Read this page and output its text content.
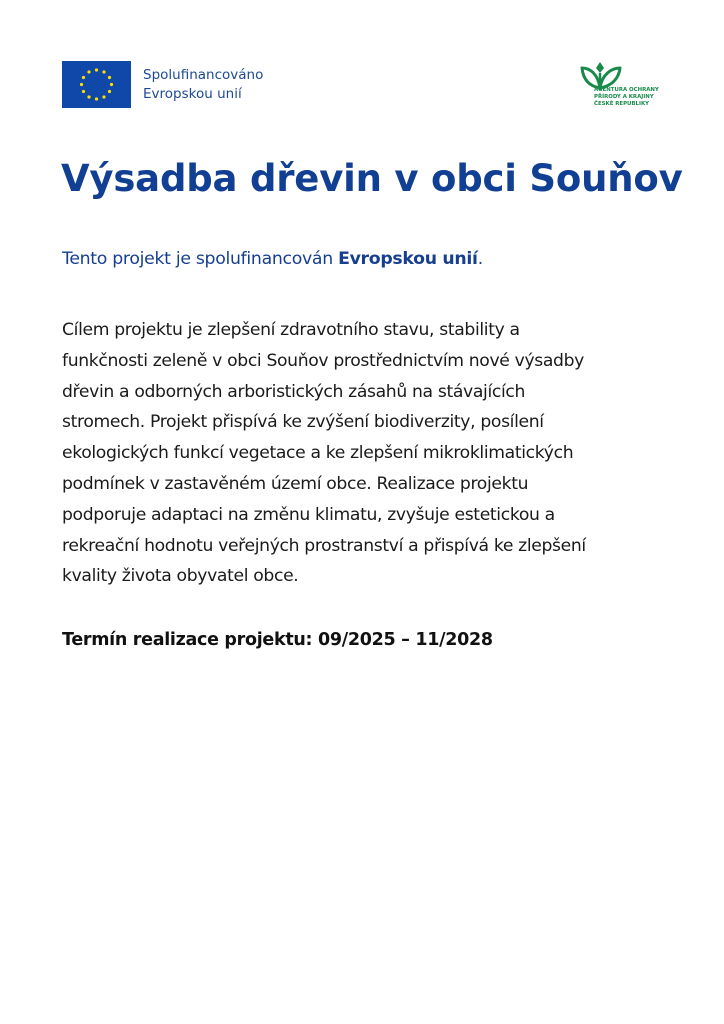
Spolufinancováno
Evropskou unií	AGENTURA OCHRANY
PŘÍRODY A KRAJINY
ČESKÉ REPUBLIKY
Výsadba dřevin v obci Souňov
Tento projekt je spolufinancován Evropskou unií.
Cílem projektu je zlepšení zdravotního stavu, stability a
funkčnosti zeleně v obci Souňov prostřednictvím nové výsadby
dřevin a odborných arboristických zásahů na stávajících
stromech. Projekt přispívá ke zvýšení biodiverzity, posílení
ekologických funkcí vegetace a ke zlepšení mikroklimatických
podmínek v zastavěném území obce. Realizace projektu
podporuje adaptaci na změnu klimatu, zvyšuje estetickou a
rekreační hodnotu veřejných prostranství a přispívá ke zlepšení
kvality života obyvatel obce.
Termín realizace projektu: 09/2025 – 11/2028
